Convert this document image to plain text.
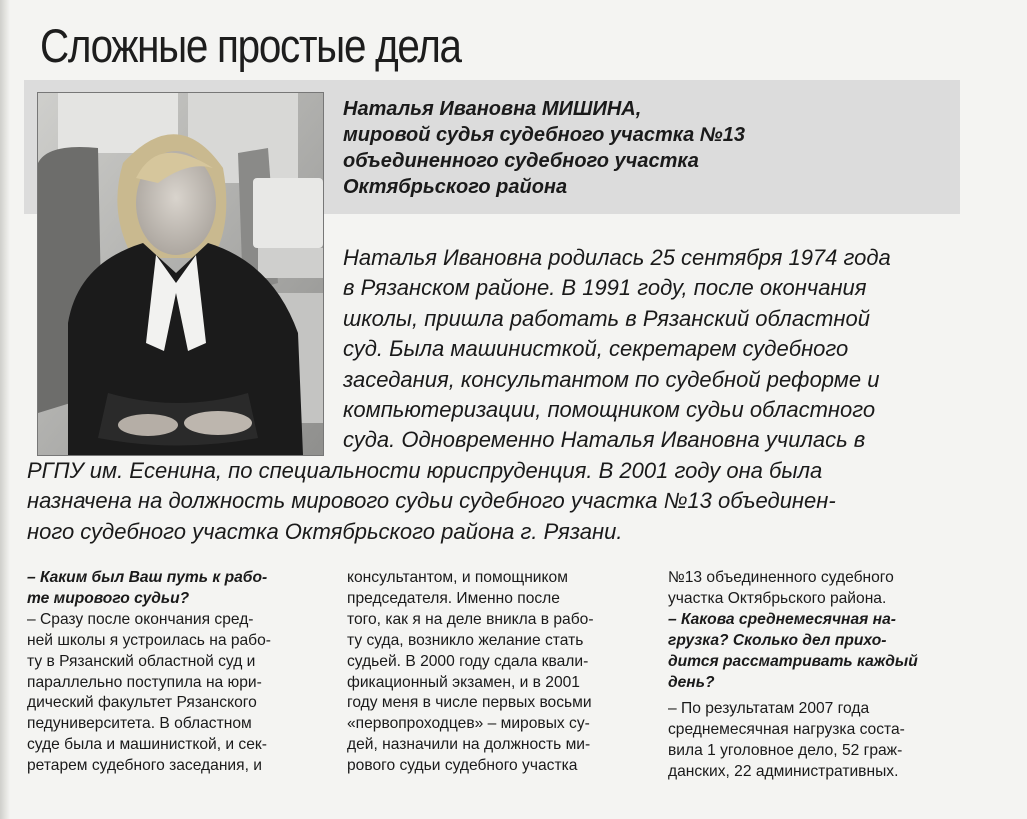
Сложные простые дела
Наталья Ивановна МИШИНА,
мировой судья судебного участка №13
объединенного судебного участка
Октябрьского района
Наталья Ивановна родилась 25 сентября 1974 года
в Рязанском районе. В 1991 году, после окончания
школы, пришла работать в Рязанский областной
суд. Была машинисткой, секретарем судебного
заседания, консультантом по судебной реформе и
компьютеризации, помощником судьи областного
суда. Одновременно Наталья Ивановна училась в
РГПУ им. Есенина, по специальности юриспруденция. В 2001 году она была
назначена на должность мирового судьи судебного участка №13 объединен-
ного судебного участка Октябрьского района г. Рязани.
– Каким был Ваш путь к рабо-
те мирового судьи?
– Сразу после окончания сред-
ней школы я устроилась на рабо-
ту в Рязанский областной суд и
параллельно поступила на юри-
дический факультет Рязанского
педуниверситета. В областном
суде была и машинисткой, и сек-
ретарем судебного заседания, и
консультантом, и помощником
председателя. Именно после
того, как я на деле вникла в рабо-
ту суда, возникло желание стать
судьей. В 2000 году сдала квали-
фикационный экзамен, и в 2001
году меня в числе первых восьми
«первопроходцев» – мировых су-
дей, назначили на должность ми-
рового судьи судебного участка
№13 объединенного судебного
участка Октябрьского района.
– Какова среднемесячная на-
грузка? Сколько дел прихо-
дится рассматривать каждый
день?
– По результатам 2007 года
среднемесячная нагрузка соста-
вила 1 уголовное дело, 52 граж-
данских, 22 административных.
